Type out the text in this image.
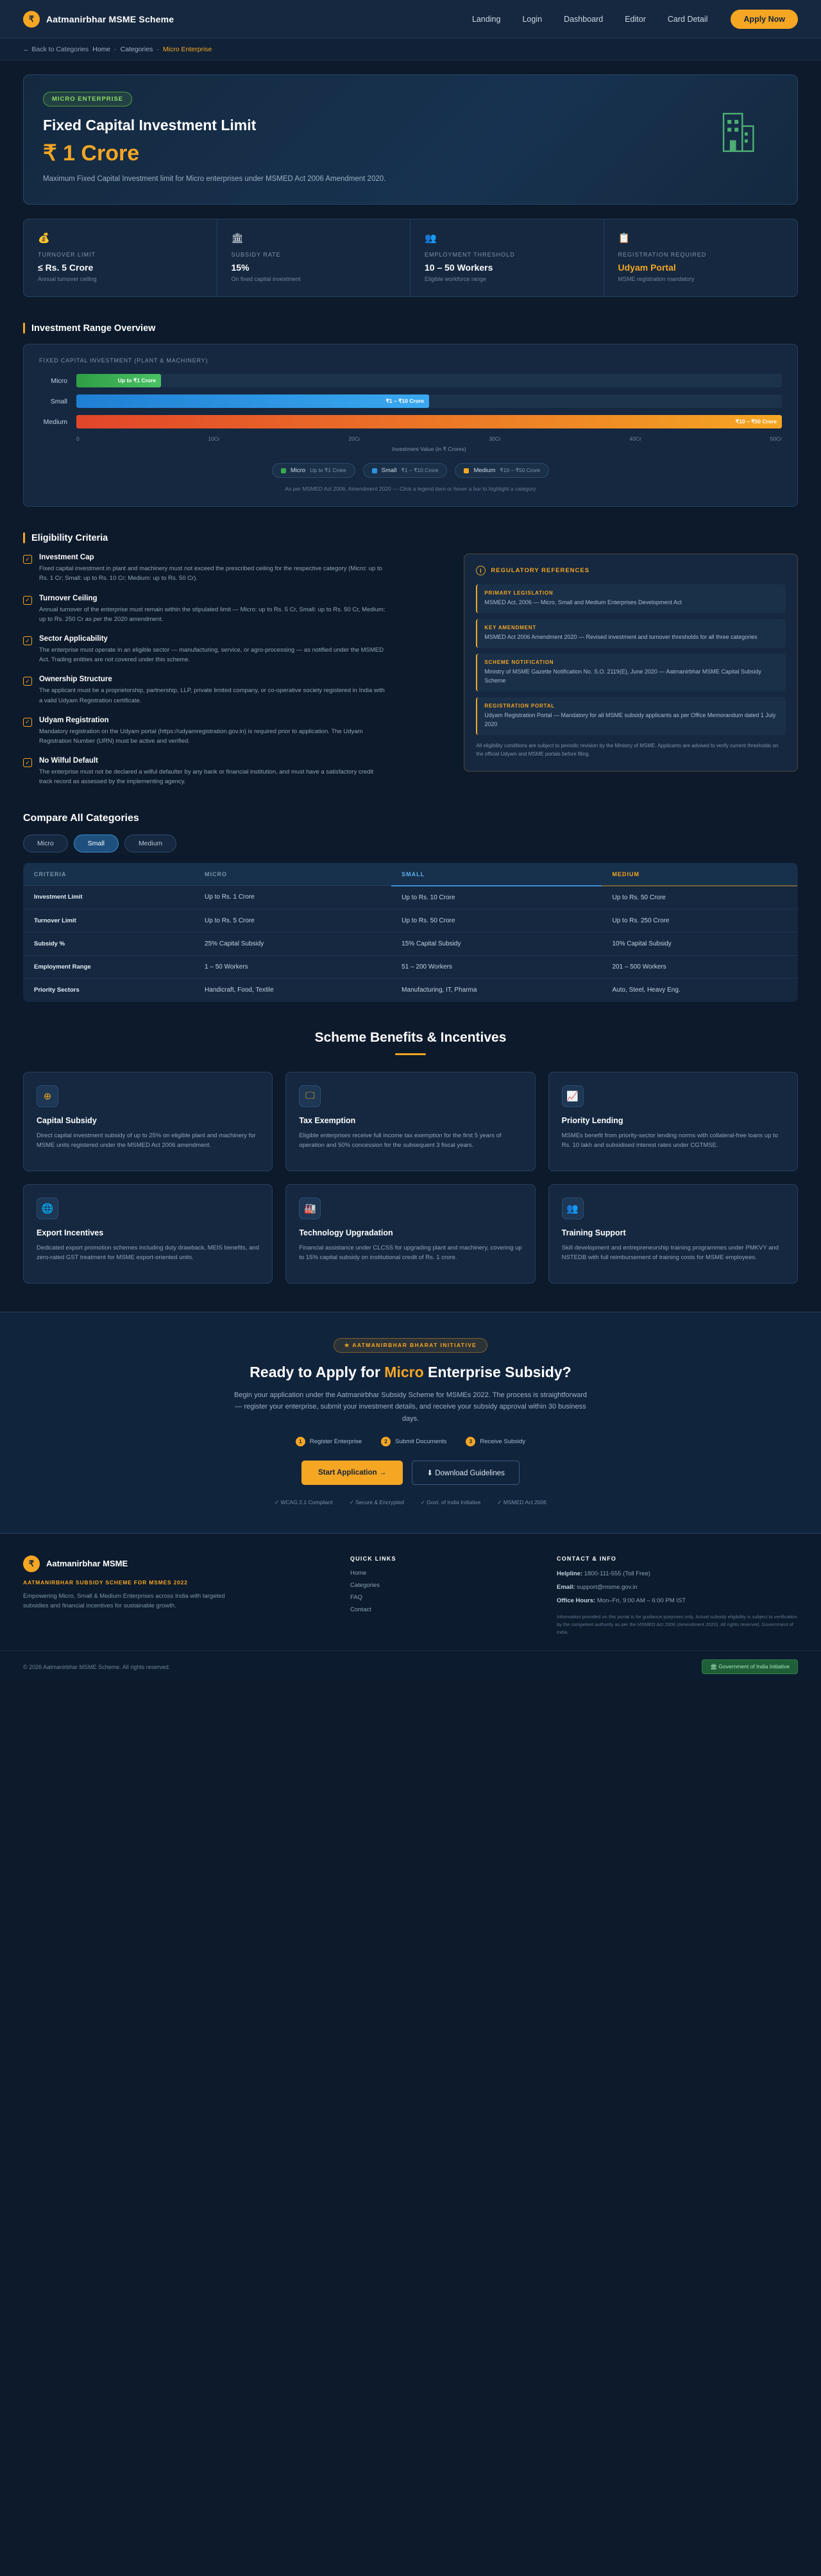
₹	Aatmanirbhar MSME Scheme	Landing	Login	Dashboard	Editor	Card Detail	Apply Now
← Back to Categories Home · Categories · Micro Enterprise
MICRO ENTERPRISE
Fixed Capital Investment Limit
₹ 1 Crore
Maximum Fixed Capital Investment limit for Micro enterprises under MSMED Act 2006 Amendment 2020.
💰
TURNOVER LIMIT
≤ Rs. 5 Crore
Annual turnover ceiling
🏛
SUBSIDY RATE
15%
On fixed capital investment
👥
EMPLOYMENT THRESHOLD
10 – 50 Workers
Eligible workforce range
📋
REGISTRATION REQUIRED
Udyam Portal
MSME registration mandatory
Investment Range Overview
FIXED CAPITAL INVESTMENT (PLANT & MACHINERY)
Micro	Up to ₹1 Crore
Small	₹1 – ₹10 Crore
Medium	₹10 – ₹50 Crore
0	10Cr	20Cr	30Cr	40Cr	50Cr
Investment Value (in ₹ Crores)
Micro Up to ₹1 Crore	Small ₹1 – ₹10 Crore	Medium ₹10 – ₹50 Crore
As per MSMED Act 2006, Amendment 2020 — Click a legend item or hover a bar to highlight a category
Eligibility Criteria
✓ Investment Cap
Fixed capital investment in plant and machinery must not exceed the prescribed ceiling for the respective category (Micro: up to Rs. 1 Cr; Small: up to Rs. 10 Cr; Medium: up to Rs. 50 Cr).
✓ Turnover Ceiling
Annual turnover of the enterprise must remain within the stipulated limit — Micro: up to Rs. 5 Cr, Small: up to Rs. 50 Cr, Medium: up to Rs. 250 Cr as per the 2020 amendment.
✓ Sector Applicability
The enterprise must operate in an eligible sector — manufacturing, service, or agro-processing — as notified under the MSMED Act. Trading entities are not covered under this scheme.
✓ Ownership Structure
The applicant must be a proprietorship, partnership, LLP, private limited company, or co-operative society registered in India with a valid Udyam Registration certificate.
✓ Udyam Registration
Mandatory registration on the Udyam portal (https://udyamregistration.gov.in) is required prior to application. The Udyam Registration Number (URN) must be active and verified.
✓ No Wilful Default
The enterprise must not be declared a wilful defaulter by any bank or financial institution, and must have a satisfactory credit track record as assessed by the implementing agency.
I	REGULATORY REFERENCES
PRIMARY LEGISLATION
MSMED Act, 2006 — Micro, Small and Medium Enterprises Development Act
KEY AMENDMENT
MSMED Act 2006 Amendment 2020 — Revised investment and turnover thresholds for all three categories
SCHEME NOTIFICATION
Ministry of MSME Gazette Notification No. S.O. 2119(E), June 2020 — Aatmanirbhar MSME Capital Subsidy Scheme
REGISTRATION PORTAL
Udyam Registration Portal — Mandatory for all MSME subsidy applicants as per Office Memorandum dated 1 July 2020
All eligibility conditions are subject to periodic revision by the Ministry of MSME. Applicants are advised to verify current thresholds on the official Udyam and MSME portals before filing.
Compare All Categories
Micro	Small	Medium
CRITERIA	MICRO	SMALL	MEDIUM
Investment Limit	Up to Rs. 1 Crore	Up to Rs. 10 Crore	Up to Rs. 50 Crore
Turnover Limit	Up to Rs. 5 Crore	Up to Rs. 50 Crore	Up to Rs. 250 Crore
Subsidy %	25% Capital Subsidy	15% Capital Subsidy	10% Capital Subsidy
Employment Range	1 – 50 Workers	51 – 200 Workers	201 – 500 Workers
Priority Sectors	Handicraft, Food, Textile	Manufacturing, IT, Pharma	Auto, Steel, Heavy Eng.
Scheme Benefits & Incentives
⊕
Capital Subsidy
Direct capital investment subsidy of up to 25% on eligible plant and machinery for MSME units registered under the MSMED Act 2006 amendment.
🖵
Tax Exemption
Eligible enterprises receive full income tax exemption for the first 5 years of operation and 50% concession for the subsequent 3 fiscal years.
📈
Priority Lending
MSMEs benefit from priority-sector lending norms with collateral-free loans up to Rs. 10 lakh and subsidised interest rates under CGTMSE.
🌐
Export Incentives
Dedicated export promotion schemes including duty drawback, MEIS benefits, and zero-rated GST treatment for MSME export-oriented units.
🏭
Technology Upgradation
Financial assistance under CLCSS for upgrading plant and machinery, covering up to 15% capital subsidy on institutional credit of Rs. 1 crore.
👥
Training Support
Skill development and entrepreneurship training programmes under PMKVY and NSTEDB with full reimbursement of training costs for MSME employees.
★ AATMANIRBHAR BHARAT INITIATIVE
Ready to Apply for Micro Enterprise Subsidy?
Begin your application under the Aatmanirbhar Subsidy Scheme for MSMEs 2022. The process is straightforward — register your enterprise, submit your investment details, and receive your subsidy approval within 30 business days.
1	Register Enterprise	2	Submit Documents	3	Receive Subsidy
Start Application →	⬇ Download Guidelines
✓ WCAG 2.1 Compliant	✓ Secure & Encrypted	✓ Govt. of India Initiative	✓ MSMED Act 2006
₹	Aatmanirbhar MSME
AATMANIRBHAR SUBSIDY SCHEME FOR MSMES 2022
Empowering Micro, Small & Medium Enterprises across India with targeted subsidies and financial incentives for sustainable growth.
QUICK LINKS
Home
Categories
FAQ
Contact
CONTACT & INFO
Helpline: 1800-111-555 (Toll Free)
Email: support@msme.gov.in
Office Hours: Mon–Fri, 9:00 AM – 6:00 PM IST
Information provided on this portal is for guidance purposes only. Actual subsidy eligibility is subject to verification by the competent authority as per the MSMED Act 2006 (Amendment 2020). All rights reserved, Government of India.
© 2026 Aatmanirbhar MSME Scheme. All rights reserved.	🏛 Government of India Initiative
